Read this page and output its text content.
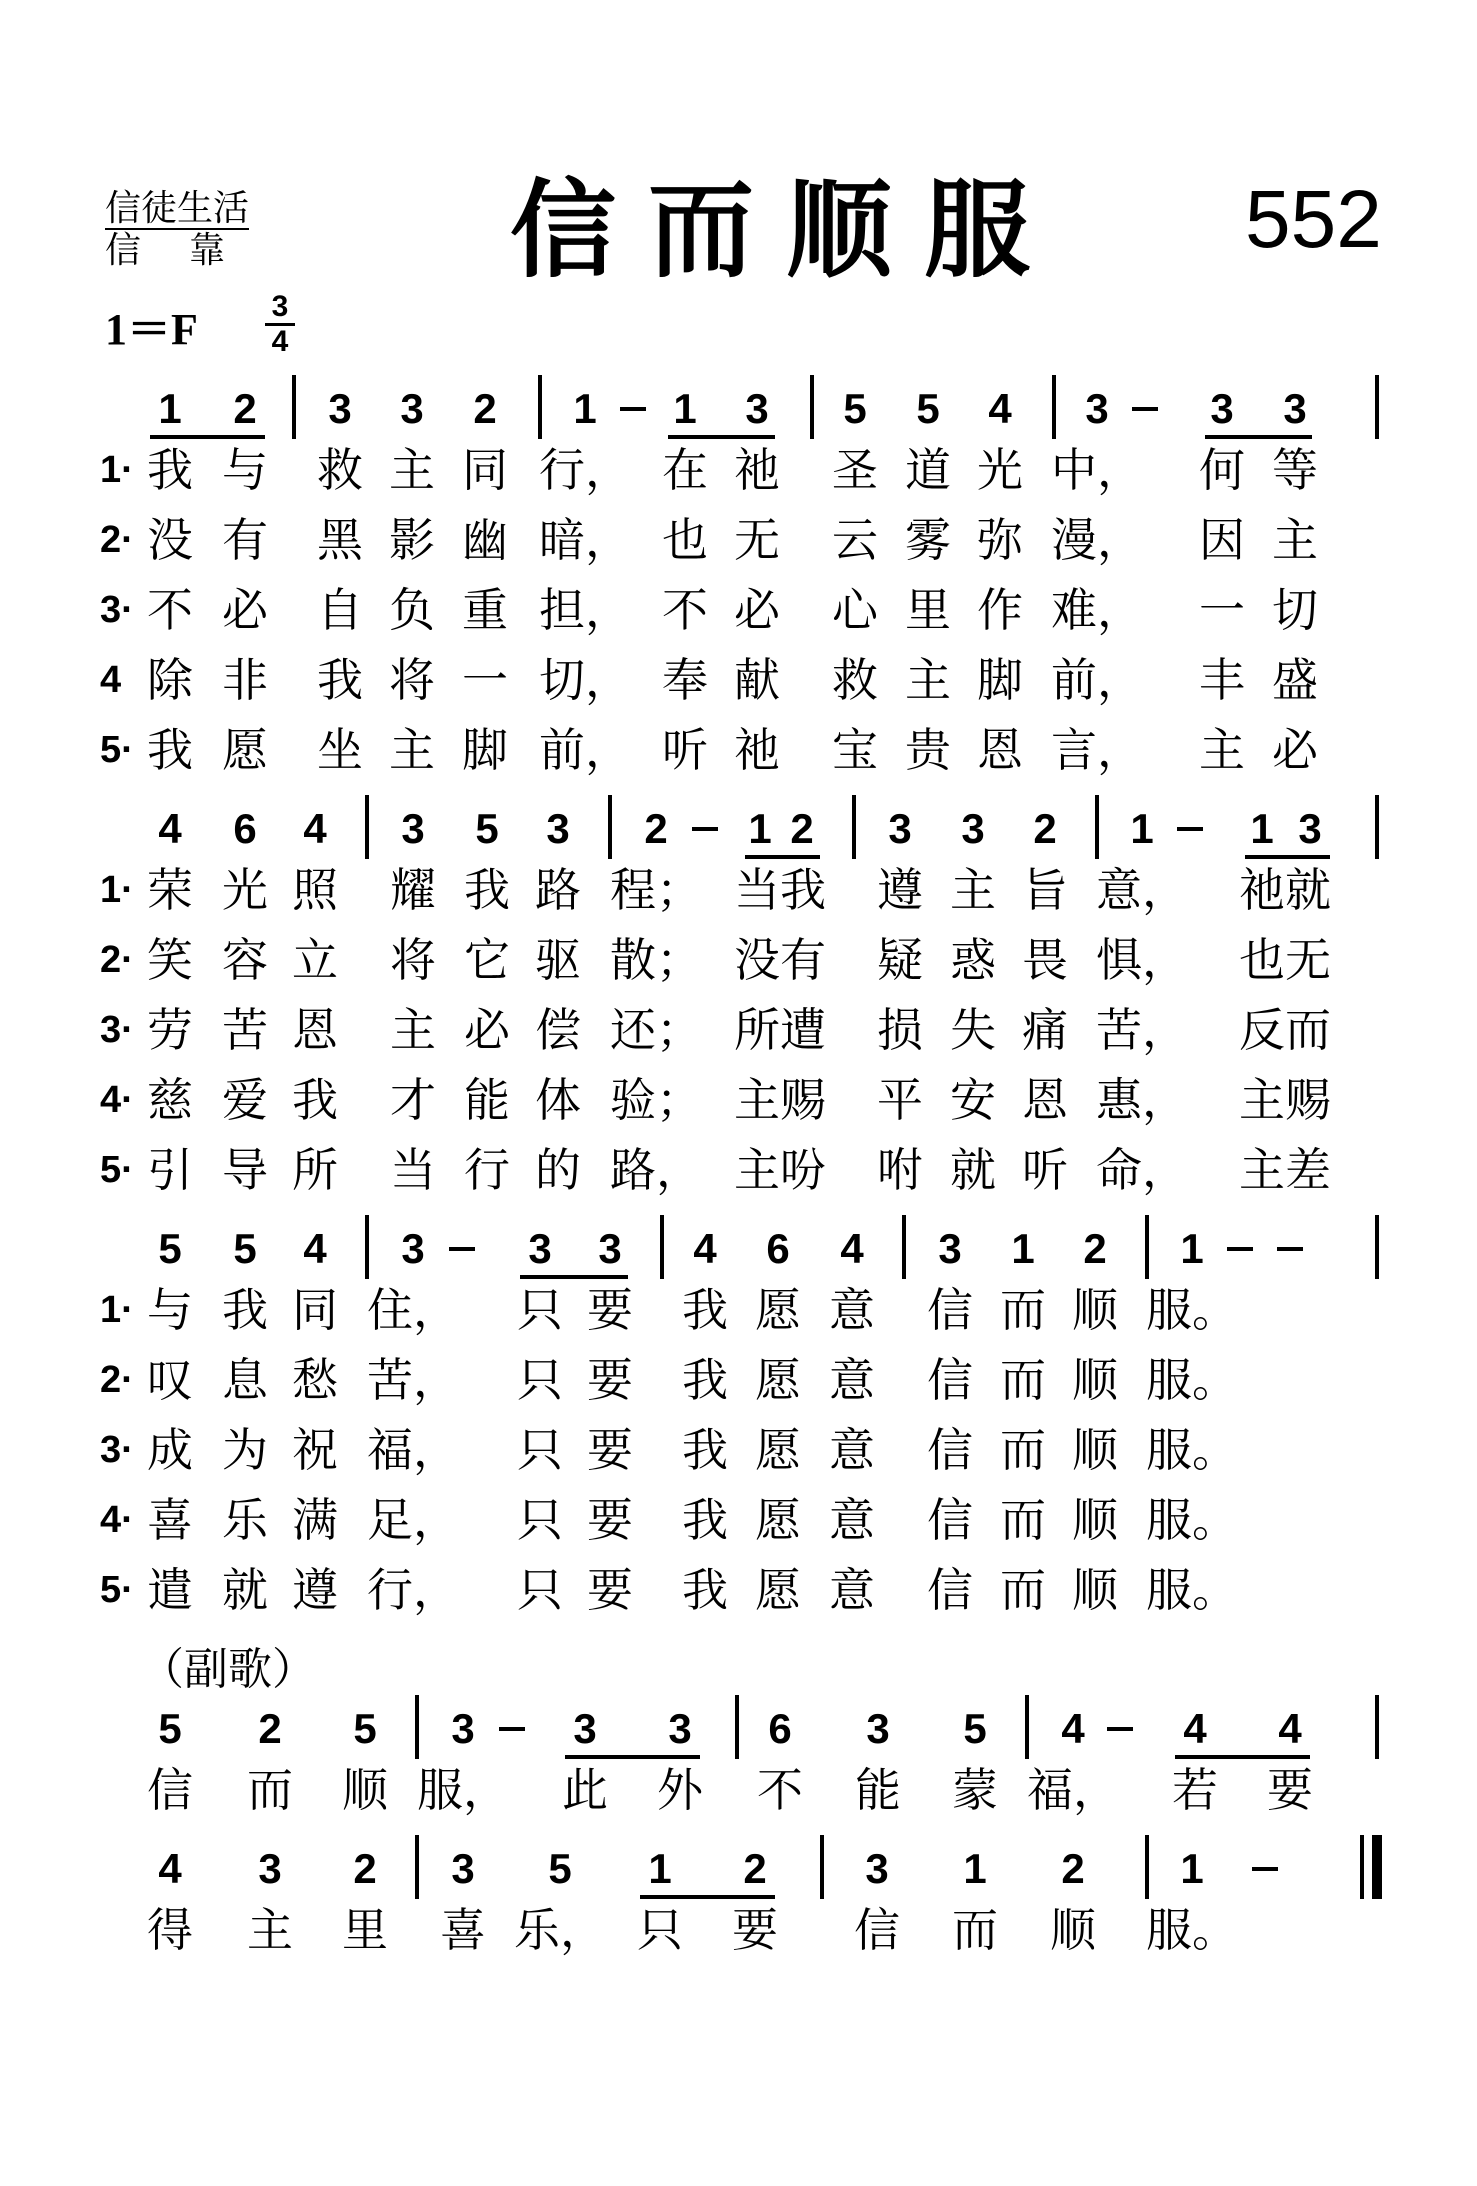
信徒生活
信靠 信而顺服 552
1＝F 3
4
1 2 3 3 2 1 1 3 5 5 4 3 3 3
1· 我 与 救 主 同 行， 在 祂 圣 道 光 中， 何 等
2· 没 有 黑 影 幽 暗， 也 无 云 雾 弥 漫， 因 主
3· 不 必 自 负 重 担， 不 必 心 里 作 难， 一 切
4 除 非 我 将 一 切， 奉 献 救 主 脚 前， 丰 盛
5· 我 愿 坐 主 脚 前， 听 祂 宝 贵 恩 言， 主 必
4 6 4 3 5 3 2 1 2 3 3 2 1 1 3
1· 荣 光 照 耀 我 路 程； 当我 遵 主 旨 意， 祂就
2· 笑 容 立 将 它 驱 散； 没有 疑 惑 畏 惧， 也无
3· 劳 苦 恩 主 必 偿 还； 所遭 损 失 痛 苦， 反而
4· 慈 爱 我 才 能 体 验； 主赐 平 安 恩 惠， 主赐
5· 引 导 所 当 行 的 路， 主吩 咐 就 听 命， 主差
5 5 4 3 3 3 4 6 4 3 1 2 1
1· 与 我 同 住， 只 要 我 愿 意 信 而 顺 服。
2· 叹 息 愁 苦， 只 要 我 愿 意 信 而 顺 服。
3· 成 为 祝 福， 只 要 我 愿 意 信 而 顺 服。
4· 喜 乐 满 足， 只 要 我 愿 意 信 而 顺 服。
5· 遣 就 遵 行， 只 要 我 愿 意 信 而 顺 服。
5 2 5 3 3 3 6 3 5 4 4 4
信 而 顺 服， 此 外 不 能 蒙 福， 若 要
4 3 2 3 5 1 2 3 1 2 1
得 主 里 喜 乐， 只 要 信 而 顺 服。
（副歌）
